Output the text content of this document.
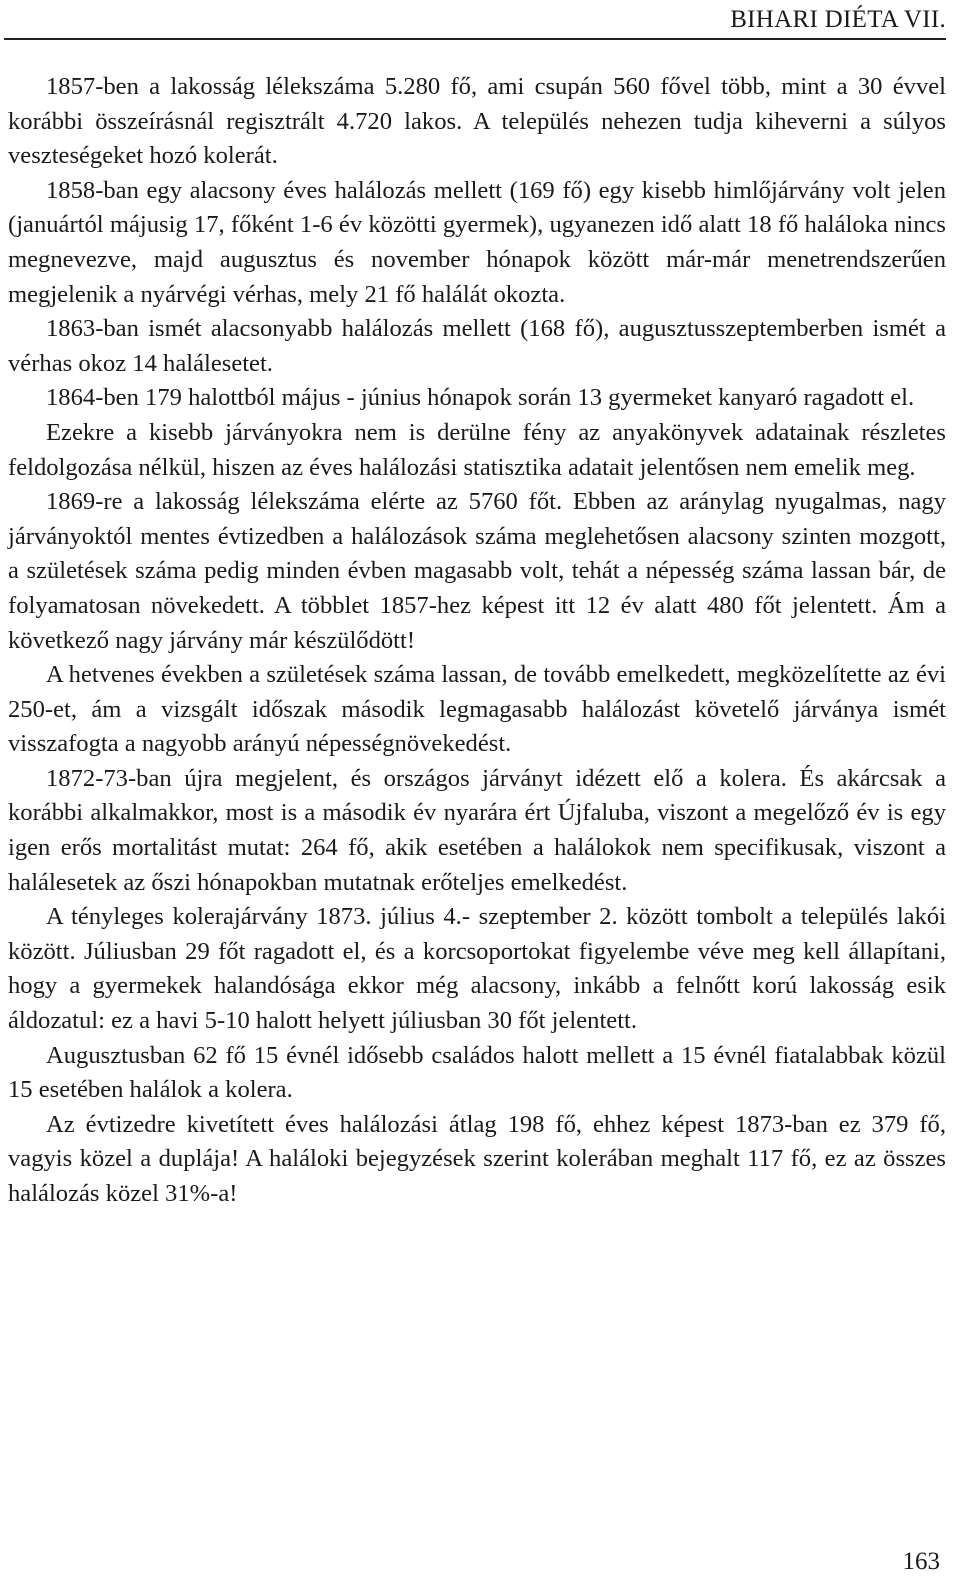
BIHARI DIÉTA VII.

1857-ben a lakosság lélekszáma 5.280 fő, ami csupán 560 fővel több, mint a 30 évvel korábbi összeírásnál regisztrált 4.720 lakos. A település nehezen tudja kiheverni a súlyos veszteségeket hozó kolerát.

1858-ban egy alacsony éves halálozás mellett (169 fő) egy kisebb himlőjárvány volt jelen (januártól májusig 17, főként 1-6 év közötti gyermek), ugyanezen idő alatt 18 fő haláloka nincs megnevezve, majd augusztus és november hónapok között már-már menetrendszerűen megjelenik a nyárvégi vérhas, mely 21 fő halálát okozta.

1863-ban ismét alacsonyabb halálozás mellett (168 fő), augusztusszeptemberben ismét a vérhas okoz 14 halálesetet.

1864-ben 179 halottból május - június hónapok során 13 gyermeket kanyaró ragadott el.

Ezekre a kisebb járványokra nem is derülne fény az anyakönyvek adatainak részletes feldolgozása nélkül, hiszen az éves halálozási statisztika adatait jelentősen nem emelik meg.

1869-re a lakosság lélekszáma elérte az 5760 főt. Ebben az aránylag nyugalmas, nagy járványoktól mentes évtizedben a halálozások száma meglehetősen alacsony szinten mozgott, a születések száma pedig minden évben magasabb volt, tehát a népesség száma lassan bár, de folyamatosan növekedett. A többlet 1857-hez képest itt 12 év alatt 480 főt jelentett. Ám a következő nagy járvány már készülődött!

A hetvenes években a születések száma lassan, de tovább emelkedett, megközelítette az évi 250-et, ám a vizsgált időszak második legmagasabb halálozást követelő járványa ismét visszafogta a nagyobb arányú népességnövekedést.

1872-73-ban újra megjelent, és országos járványt idézett elő a kolera. És akárcsak a korábbi alkalmakkor, most is a második év nyarára ért Újfaluba, viszont a megelőző év is egy igen erős mortalitást mutat: 264 fő, akik esetében a halálokok nem specifikusak, viszont a halálesetek az őszi hónapokban mutatnak erőteljes emelkedést.

A tényleges kolerajárvány 1873. július 4.- szeptember 2. között tombolt a település lakói között. Júliusban 29 főt ragadott el, és a korcsoportokat figyelembe véve meg kell állapítani, hogy a gyermekek halandósága ekkor még alacsony, inkább a felnőtt korú lakosság esik áldozatul: ez a havi 5-10 halott helyett júliusban 30 főt jelentett.

Augusztusban 62 fő 15 évnél idősebb családos halott mellett a 15 évnél fiatalabbak közül 15 esetében halálok a kolera.

Az évtizedre kivetített éves halálozási átlag 198 fő, ehhez képest 1873-ban ez 379 fő, vagyis közel a duplája! A haláloki bejegyzések szerint kolerában meghalt 117 fő, ez az összes halálozás közel 31%-a!

163
